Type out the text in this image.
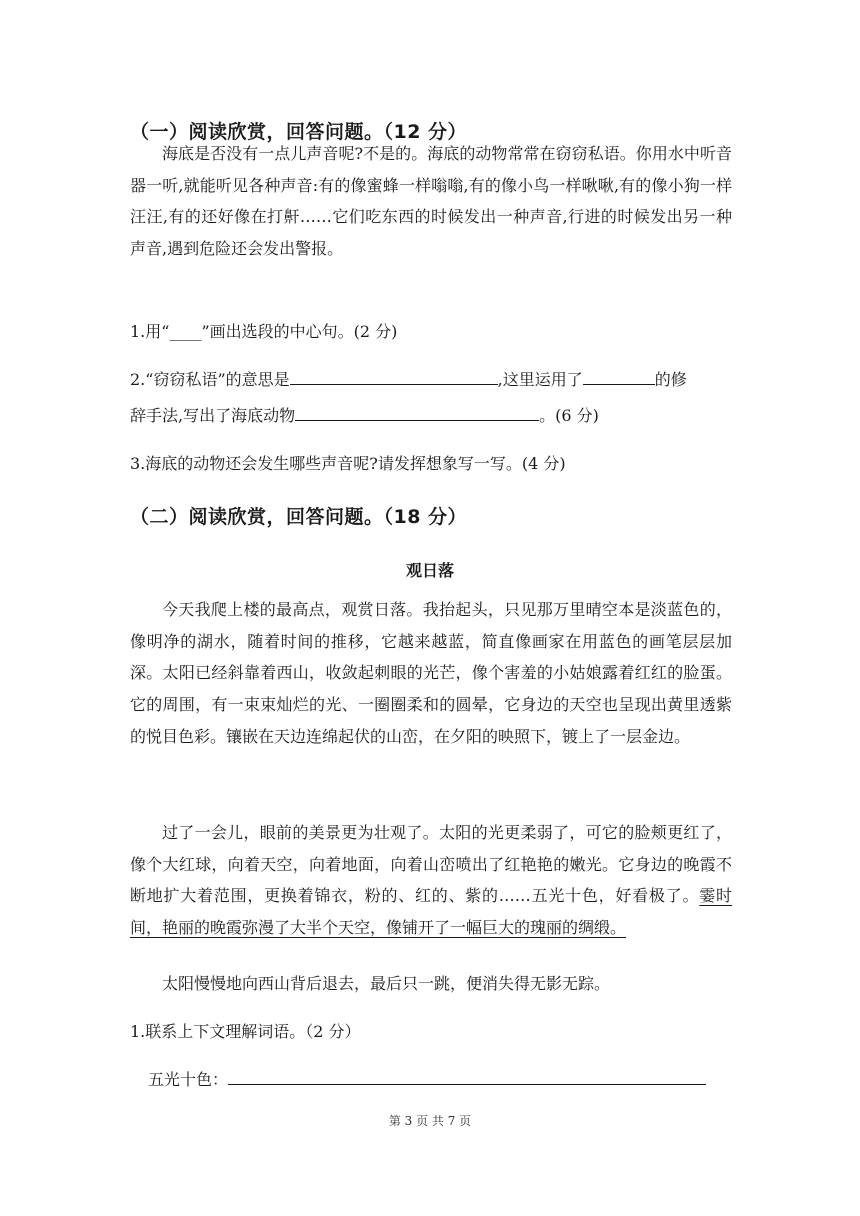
（一）阅读欣赏，回答问题。（12 分）

海底是否没有一点儿声音呢?不是的。海底的动物常常在窃窃私语。你用水中听音器一听,就能听见各种声音:有的像蜜蜂一样嗡嗡,有的像小鸟一样啾啾,有的像小狗一样汪汪,有的还好像在打鼾……它们吃东西的时候发出一种声音,行进的时候发出另一种声音,遇到危险还会发出警报。

1.用“____”画出选段的中心句。(2 分)
2.“窃窃私语”的意思是	,这里运用了	的修
辞手法,写出了海底动物	。(6 分)
3.海底的动物还会发生哪些声音呢?请发挥想象写一写。(4 分)
（二）阅读欣赏，回答问题。（18 分）
观日落

今天我爬上楼的最高点，观赏日落。我抬起头，只见那万里晴空本是淡蓝色的，像明净的湖水，随着时间的推移，它越来越蓝，简直像画家在用蓝色的画笔层层加深。太阳已经斜靠着西山，收敛起刺眼的光芒，像个害羞的小姑娘露着红红的脸蛋。它的周围，有一束束灿烂的光、一圈圈柔和的圆晕，它身边的天空也呈现出黄里透紫的悦目色彩。镶嵌在天边连绵起伏的山峦，在夕阳的映照下，镀上了一层金边。

过了一会儿，眼前的美景更为壮观了。太阳的光更柔弱了，可它的脸颊更红了，像个大红球，向着天空，向着地面，向着山峦喷出了红艳艳的嫩光。它身边的晚霞不断地扩大着范围，更换着锦衣，粉的、红的、紫的……五光十色，好看极了。霎时间，艳丽的晚霞弥漫了大半个天空，像铺开了一幅巨大的瑰丽的绸缎。

太阳慢慢地向西山背后退去，最后只一跳，便消失得无影无踪。

1.联系上下文理解词语。（2 分）
五光十色：
第 3 页 共 7 页
